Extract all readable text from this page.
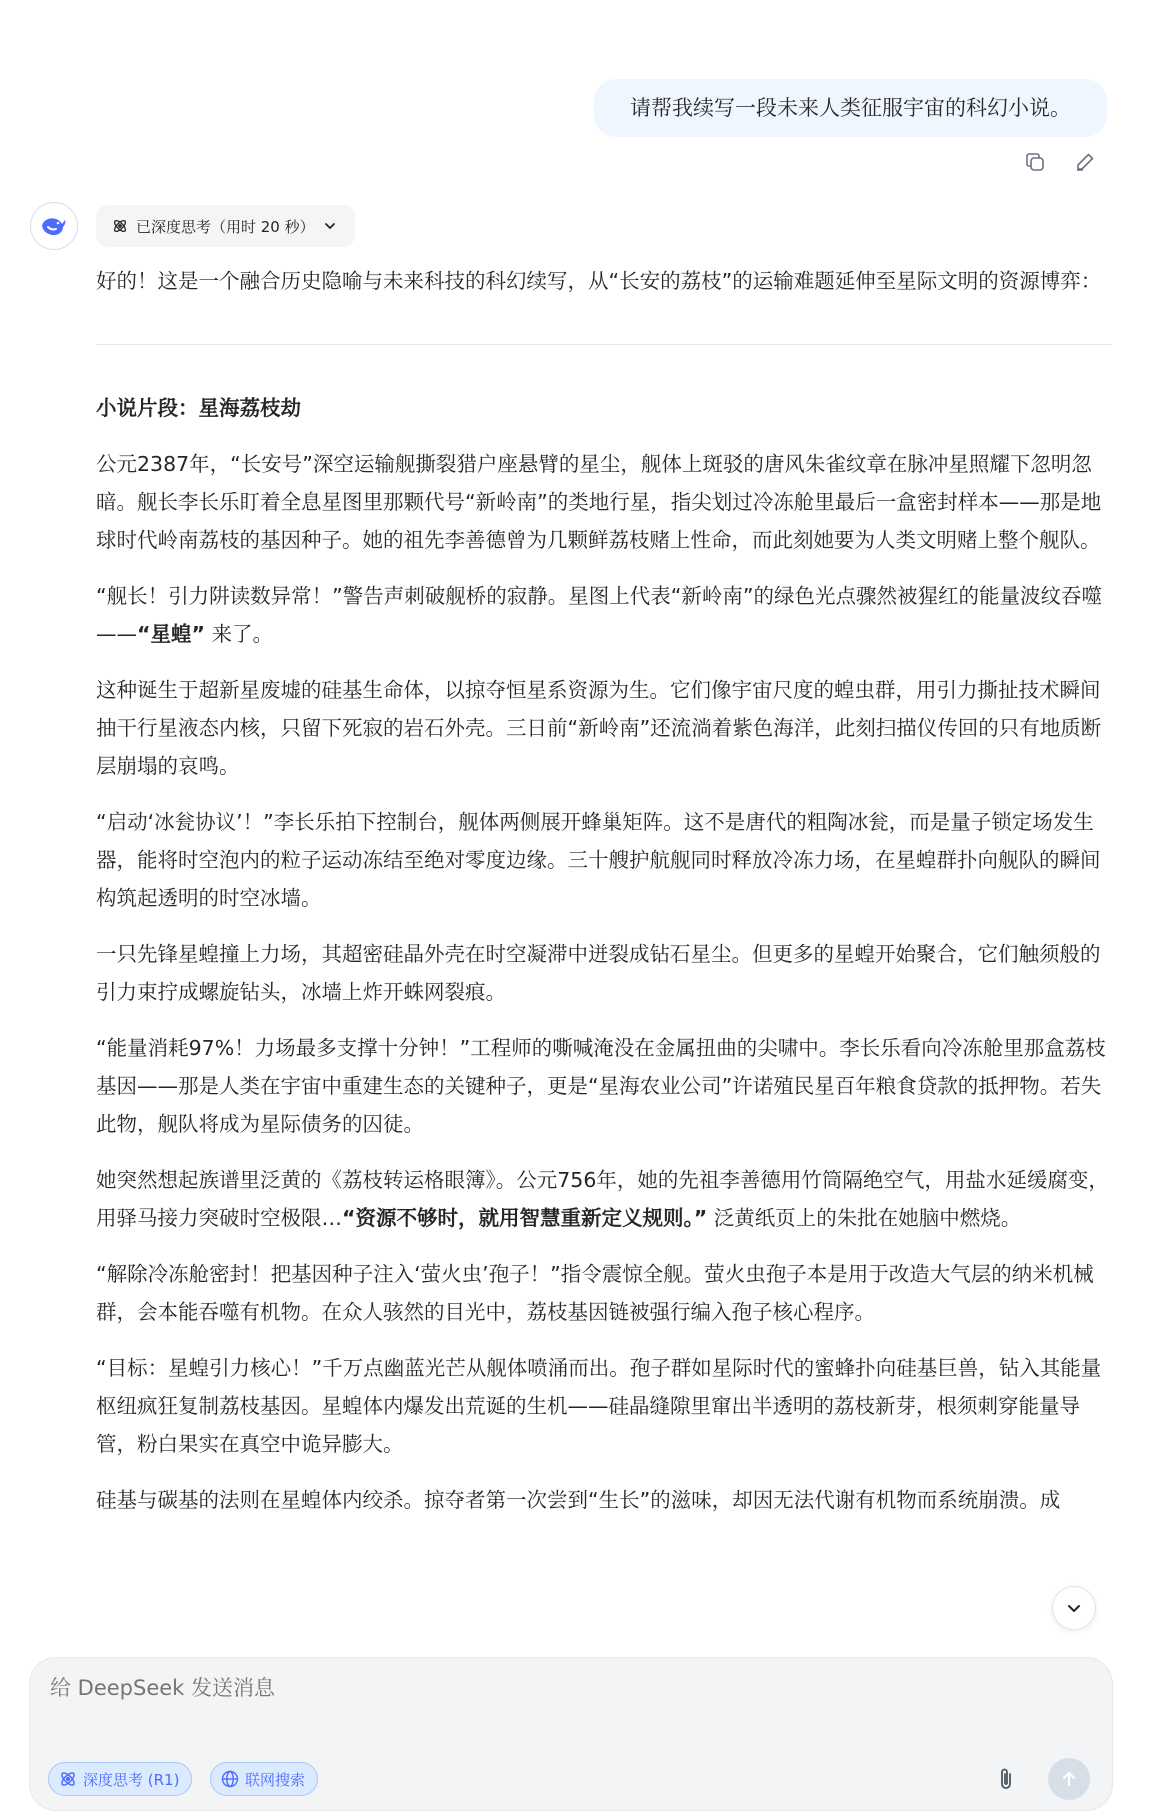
请帮我续写一段未来人类征服宇宙的科幻小说。
已深度思考（用时 20 秒）

好的！这是一个融合历史隐喻与未来科技的科幻续写，从“长安的荔枝”的运输难题延伸至星际文明的资源博弈：

小说片段：星海荔枝劫

公元2387年，“长安号”深空运输舰撕裂猎户座悬臂的星尘，舰体上斑驳的唐风朱雀纹章在脉冲星照耀下忽明忽暗。舰长李长乐盯着全息星图里那颗代号“新岭南”的类地行星，指尖划过冷冻舱里最后一盒密封样本——那是地球时代岭南荔枝的基因种子。她的祖先李善德曾为几颗鲜荔枝赌上性命，而此刻她要为人类文明赌上整个舰队。

“舰长！引力阱读数异常！”警告声刺破舰桥的寂静。星图上代表“新岭南”的绿色光点骤然被猩红的能量波纹吞噬——“星蝗” 来了。

这种诞生于超新星废墟的硅基生命体，以掠夺恒星系资源为生。它们像宇宙尺度的蝗虫群，用引力撕扯技术瞬间抽干行星液态内核，只留下死寂的岩石外壳。三日前“新岭南”还流淌着紫色海洋，此刻扫描仪传回的只有地质断层崩塌的哀鸣。

“启动‘冰瓮协议’！”李长乐拍下控制台，舰体两侧展开蜂巢矩阵。这不是唐代的粗陶冰瓮，而是量子锁定场发生器，能将时空泡内的粒子运动冻结至绝对零度边缘。三十艘护航舰同时释放冷冻力场，在星蝗群扑向舰队的瞬间构筑起透明的时空冰墙。

一只先锋星蝗撞上力场，其超密硅晶外壳在时空凝滞中迸裂成钻石星尘。但更多的星蝗开始聚合，它们触须般的引力束拧成螺旋钻头，冰墙上炸开蛛网裂痕。

“能量消耗97%！力场最多支撑十分钟！”工程师的嘶喊淹没在金属扭曲的尖啸中。李长乐看向冷冻舱里那盒荔枝基因——那是人类在宇宙中重建生态的关键种子，更是“星海农业公司”许诺殖民星百年粮食贷款的抵押物。若失此物，舰队将成为星际债务的囚徒。

她突然想起族谱里泛黄的《荔枝转运格眼簿》。公元756年，她的先祖李善德用竹筒隔绝空气，用盐水延缓腐变，用驿马接力突破时空极限…“资源不够时，就用智慧重新定义规则。” 泛黄纸页上的朱批在她脑中燃烧。

“解除冷冻舱密封！把基因种子注入‘萤火虫’孢子！”指令震惊全舰。萤火虫孢子本是用于改造大气层的纳米机械群，会本能吞噬有机物。在众人骇然的目光中，荔枝基因链被强行编入孢子核心程序。

“目标：星蝗引力核心！”千万点幽蓝光芒从舰体喷涌而出。孢子群如星际时代的蜜蜂扑向硅基巨兽，钻入其能量枢纽疯狂复制荔枝基因。星蝗体内爆发出荒诞的生机——硅晶缝隙里窜出半透明的荔枝新芽，根须刺穿能量导管，粉白果实在真空中诡异膨大。

硅基与碳基的法则在星蝗体内绞杀。掠夺者第一次尝到“生长”的滋味，却因无法代谢有机物而系统崩溃。成

给 DeepSeek 发送消息
深度思考 (R1)	联网搜索
